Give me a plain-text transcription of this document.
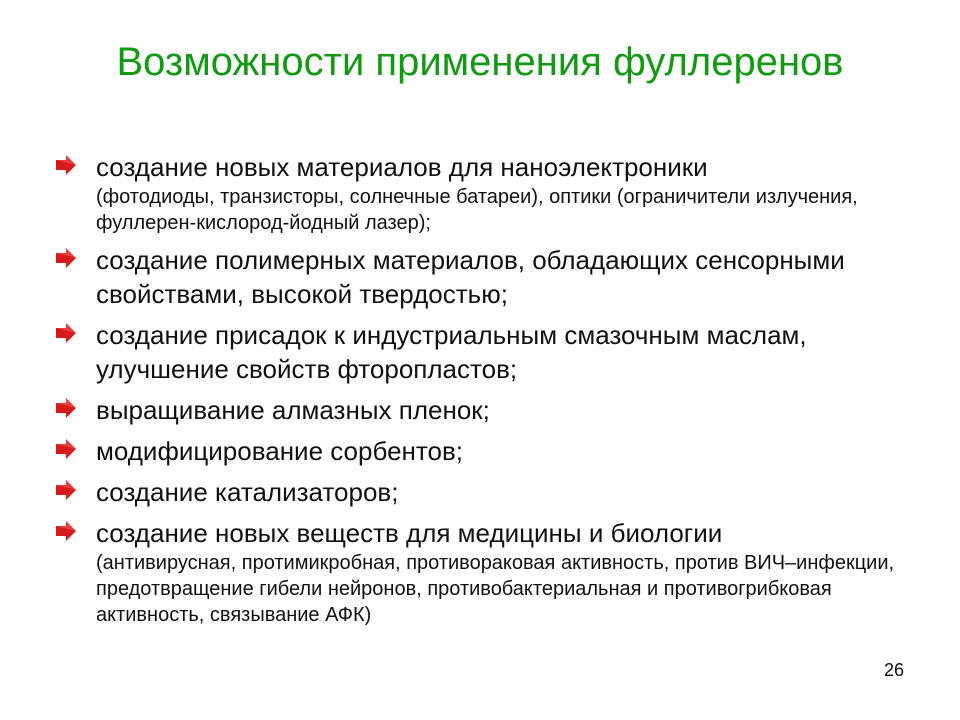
Возможности применения фуллеренов
создание новых материалов для наноэлектроники
(фотодиоды, транзисторы, солнечные батареи), оптики (ограничители излучения, фуллерен-кислород-йодный лазер);
создание полимерных материалов, обладающих сенсорными свойствами, высокой твердостью;
создание присадок к индустриальным смазочным маслам, улучшение свойств фторопластов;
выращивание алмазных пленок;
модифицирование сорбентов;
создание катализаторов;
создание новых веществ для медицины и биологии
(антивирусная, протимикробная, противораковая активность, против ВИЧ–инфекции, предотвращение гибели нейронов, противобактериальная и противогрибковая активность, связывание АФК)
26
